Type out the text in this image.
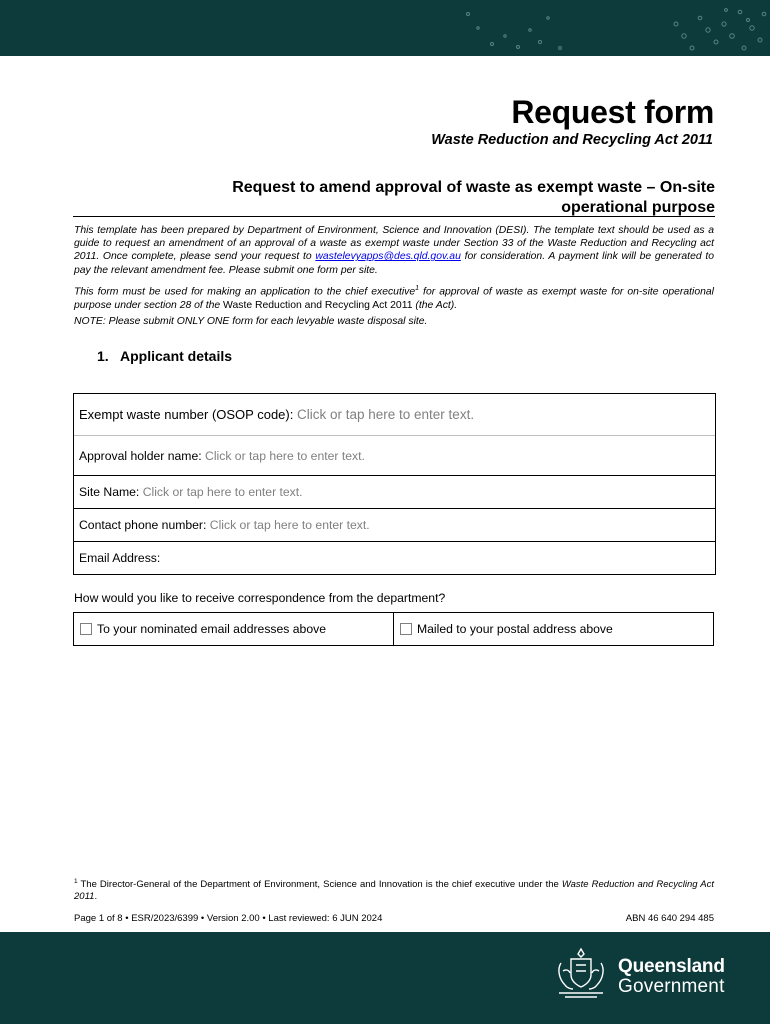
Request form
Waste Reduction and Recycling Act 2011
Request to amend approval of waste as exempt waste – On-site
operational purpose
This template has been prepared by Department of Environment, Science and Innovation (DESI). The template text should be used as a guide to request an amendment of an approval of a waste as exempt waste under Section 33 of the Waste Reduction and Recycling act 2011. Once complete, please send your request to wastelevyapps@des.qld.gov.au for consideration. A payment link will be generated to pay the relevant amendment fee. Please submit one form per site.
This form must be used for making an application to the chief executive$^1$ for approval of waste as exempt waste for on-site operational purpose under section 28 of the Waste Reduction and Recycling Act 2011 (the Act).
NOTE: Please submit ONLY ONE form for each levyable waste disposal site.
1. Applicant details
Exempt waste number (OSOP code):
Click or tap here to enter text.
Approval holder name:
Click or tap here to enter text.
Site Name:
Click or tap here to enter text.
Contact phone number:
Click or tap here to enter text.
Email Address:

How would you like to receive correspondence from the department?
To your nominated email addresses above	Mailed to your postal address above
$^1$ The Director-General of the Department of Environment, Science and Innovation is the chief executive under the Waste Reduction and Recycling Act 2011.
Page 1 of 8 • ESR/2023/6399 • Version 2.00 • Last reviewed: 6 JUN 2024	ABN 46 640 294 485
Queensland
Government
